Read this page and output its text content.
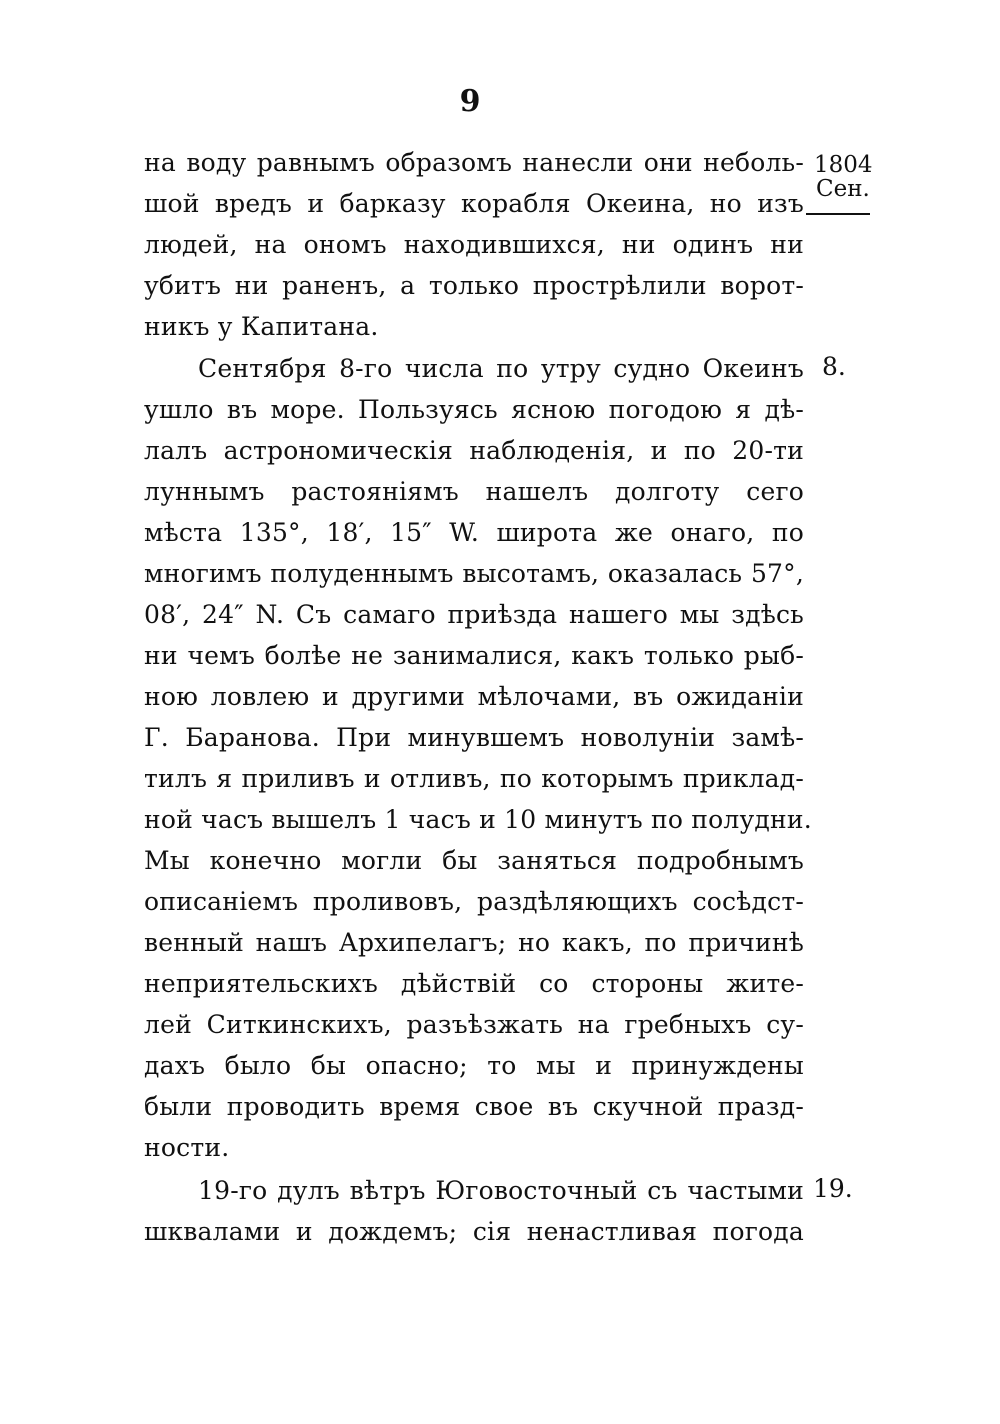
9
1804
Сен.
8.
19.
на воду равнымъ образомъ нанесли они неболь-
шой вредъ и барказу корабля Океина, но изъ
людей, на ономъ находившихся, ни одинъ ни
убитъ ни раненъ, а только прострѣлили ворот-
никъ у Капитана.
Сентября 8-го числа по утру судно Океинъ
ушло въ море. Пользуясь ясною погодою я дѣ-
лалъ астрономическія наблюденія, и по 20-ти
луннымъ растояніямъ нашелъ долготу сего
мѣста 135°, 18′, 15″ W. широта же онаго, по
многимъ полуденнымъ высотамъ, оказалась 57°,
08′, 24″ N. Съ самаго приѣзда нашего мы здѣсь
ни чемъ болѣе не занималися, какъ только рыб-
ною ловлею и другими мѣлочами, въ ожиданіи
Г. Баранова. При минувшемъ новолуніи замѣ-
тилъ я приливъ и отливъ, по которымъ приклад-
ной часъ вышелъ 1 часъ и 10 минутъ по полудни.
Мы конечно могли бы заняться подробнымъ
описаніемъ проливовъ, раздѣляющихъ сосѣдст-
венный нашъ Архипелагъ; но какъ, по причинѣ
неприятельскихъ дѣйствій со стороны жите-
лей Ситкинскихъ, разъѣзжать на гребныхъ су-
дахъ было бы опасно; то мы и принуждены
были проводить время свое въ скучной празд-
ности.
19-го дулъ вѣтръ Юговосточный съ частыми
шквалами и дождемъ; сія ненастливая погода
